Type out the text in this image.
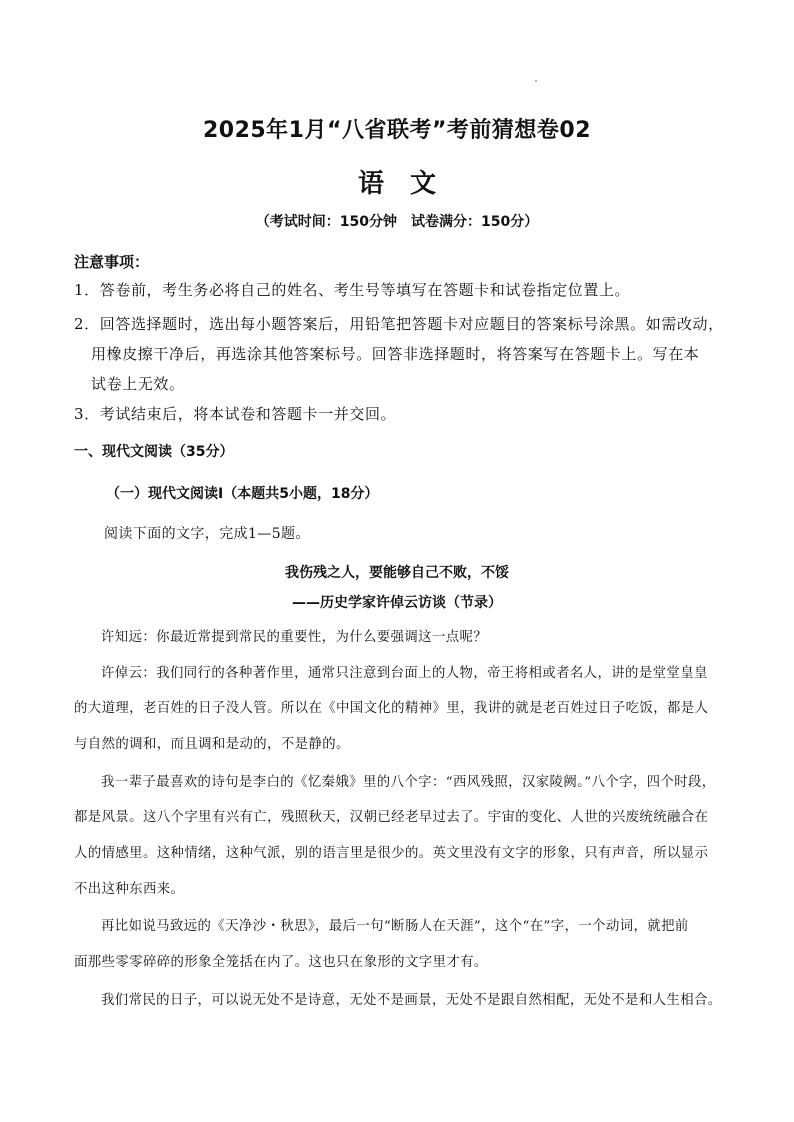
2025年1月“八省联考”考前猜想卷02
语文
（考试时间：150分钟　试卷满分：150分）
注意事项：
1．答卷前，考生务必将自己的姓名、考生号等填写在答题卡和试卷指定位置上。
2．回答选择题时，选出每小题答案后，用铅笔把答题卡对应题目的答案标号涂黑。如需改动，
用橡皮擦干净后，再选涂其他答案标号。回答非选择题时，将答案写在答题卡上。写在本
试卷上无效。
3．考试结束后，将本试卷和答题卡一并交回。
一、现代文阅读（35分）
（一）现代文阅读Ⅰ（本题共5小题，18分）
阅读下面的文字，完成1—5题。
我伤残之人，要能够自己不败，不馁
——历史学家许倬云访谈（节录）
许知远：你最近常提到常民的重要性，为什么要强调这一点呢？
许倬云：我们同行的各种著作里，通常只注意到台面上的人物，帝王将相或者名人，讲的是堂堂皇皇
的大道理，老百姓的日子没人管。所以在《中国文化的精神》里，我讲的就是老百姓过日子吃饭，都是人
与自然的调和，而且调和是动的，不是静的。
我一辈子最喜欢的诗句是李白的《忆秦娥》里的八个字：“西风残照，汉家陵阙。”八个字，四个时段，
都是风景。这八个字里有兴有亡，残照秋天，汉朝已经老早过去了。宇宙的变化、人世的兴废统统融合在
人的情感里。这种情绪，这种气派，别的语言里是很少的。英文里没有文字的形象，只有声音，所以显示
不出这种东西来。
再比如说马致远的《天净沙・秋思》，最后一句“断肠人在天涯”，这个“在”字，一个动词，就把前
面那些零零碎碎的形象全笼括在内了。这也只在象形的文字里才有。
我们常民的日子，可以说无处不是诗意，无处不是画景，无处不是跟自然相配，无处不是和人生相合。
